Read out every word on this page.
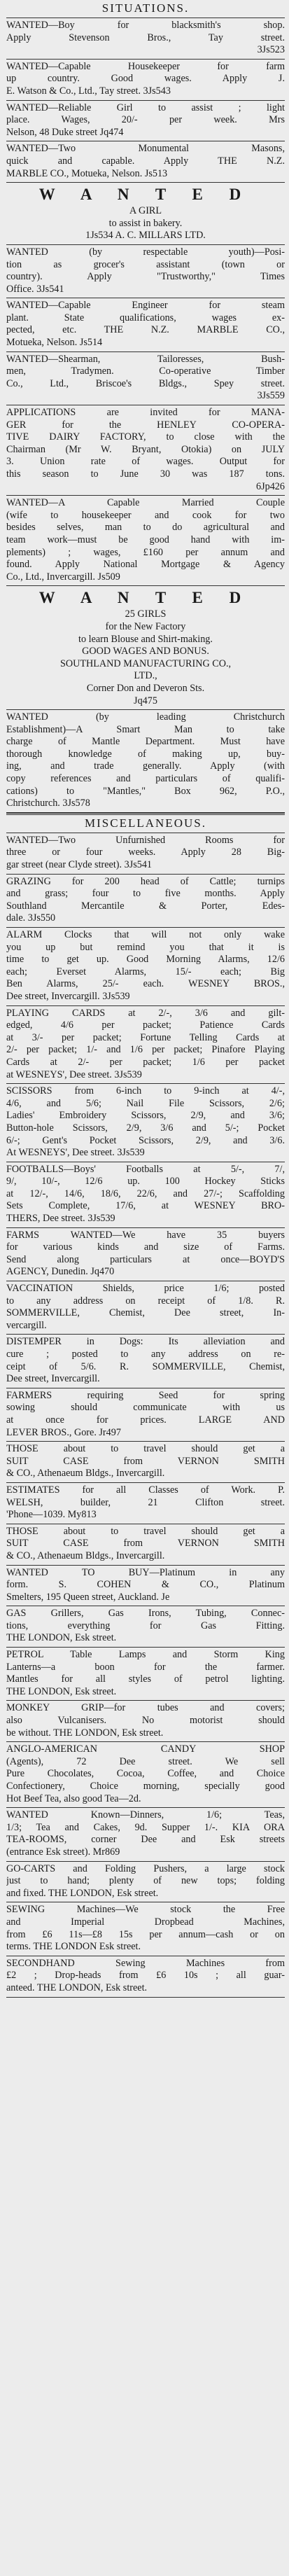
SITUATIONS.
WANTED—Boy for blacksmith's shop.
Apply Stevenson Bros., Tay street.
3Js523
WANTED—Capable Housekeeper for farm
up country. Good wages. Apply J.
E. Watson & Co., Ltd., Tay street. 3Js543
WANTED—Reliable Girl to assist ; light
place. Wages, 20/- per week. Mrs
Nelson, 48 Duke street Jq474
WANTED—Two Monumental Masons,
quick and capable. Apply THE N.Z.
MARBLE CO., Motueka, Nelson. Js513
W A N T E D
A GIRL
to assist in bakery.
1Js534 A. C. MILLARS LTD.
WANTED (by respectable youth)—Posi-
tion as grocer's assistant (town or
country). Apply "Trustworthy," Times
Office. 3Js541
WANTED—Capable Engineer for steam
plant. State qualifications, wages ex-
pected, etc. THE N.Z. MARBLE CO.,
Motueka, Nelson. Js514
WANTED—Shearman, Tailoresses, Bush-
men, Tradymen. Co-operative Timber
Co., Ltd., Briscoe's Bldgs., Spey street.
3Js559
APPLICATIONS are invited for MANA-
GER for the HENLEY CO-OPERA-
TIVE DAIRY FACTORY, to close with the
Chairman (Mr W. Bryant, Otokia) on JULY
3. Union rate of wages. Output for
this season to June 30 was 187 tons.
6Jp426
WANTED—A Capable Married Couple
(wife to housekeeper and cook for two
besides selves, man to do agricultural and
team work—must be good hand with im-
plements) ; wages, £160 per annum and
found. Apply National Mortgage & Agency
Co., Ltd., Invercargill. Js509
W A N T E D
25 GIRLS
for the New Factory
to learn Blouse and Shirt-making.
GOOD WAGES AND BONUS.
SOUTHLAND MANUFACTURING CO.,
LTD.,
Corner Don and Deveron Sts.
Jq475
WANTED (by leading Christchurch
Establishment)—A Smart Man to take
charge of Mantle Department. Must have
thorough knowledge of making up, buy-
ing, and trade generally. Apply (with
copy references and particulars of qualifi-
cations) to "Mantles," Box 962, P.O.,
Christchurch. 3Js578
MISCELLANEOUS.
WANTED—Two Unfurnished Rooms for
three or four weeks. Apply 28 Big-
gar street (near Clyde street). 3Js541
GRAZING for 200 head of Cattle; turnips
and grass; four to five months. Apply
Southland Mercantile & Porter, Edes-
dale. 3Js550
ALARM Clocks that will not only wake
you up but remind you that it is
time to get up. Good Morning Alarms, 12/6
each; Everset Alarms, 15/- each; Big
Ben Alarms, 25/- each. WESNEY BROS.,
Dee street, Invercargill. 3Js539
PLAYING CARDS at 2/-, 3/6 and gilt-
edged, 4/6 per packet; Patience Cards
at 3/- per packet; Fortune Telling Cards at
2/- per packet; 1/- and 1/6 per packet; Pinafore Playing
Cards at 2/- per packet; 1/6 per packet
at WESNEYS', Dee street. 3Js539
SCISSORS from 6-inch to 9-inch at 4/-,
4/6, and 5/6; Nail File Scissors, 2/6;
Ladies' Embroidery Scissors, 2/9, and 3/6;
Button-hole Scissors, 2/9, 3/6 and 5/-; Pocket
6/-; Gent's Pocket Scissors, 2/9, and 3/6.
At WESNEYS', Dee street. 3Js539
FOOTBALLS—Boys' Footballs at 5/-, 7/,
9/, 10/-, 12/6 up. 100 Hockey Sticks
at 12/-, 14/6, 18/6, 22/6, and 27/-; Scaffolding
Sets Complete, 17/6, at WESNEY BRO-
THERS, Dee street. 3Js539
FARMS WANTED—We have 35 buyers
for various kinds and size of Farms.
Send along particulars at once—BOYD'S
AGENCY, Dunedin. Jq470
VACCINATION Shields, price 1/6; posted
to any address on receipt of 1/8. R.
SOMMERVILLE, Chemist, Dee street, In-
vercargill.
DISTEMPER in Dogs: Its alleviation and
cure ; posted to any address on re-
ceipt of 5/6. R. SOMMERVILLE, Chemist,
Dee street, Invercargill.
FARMERS requiring Seed for spring
sowing should communicate with us
at once for prices. LARGE AND
LEVER BROS., Gore. Jr497
THOSE about to travel should get a
SUIT CASE from VERNON SMITH
& CO., Athenaeum Bldgs., Invercargill.
ESTIMATES for all Classes of Work. P.
WELSH, builder, 21 Clifton street.
'Phone—1039. My813
THOSE about to travel should get a
SUIT CASE from VERNON SMITH
& CO., Athenaeum Bldgs., Invercargill.
WANTED TO BUY—Platinum in any
form. S. COHEN & CO., Platinum
Smelters, 195 Queen street, Auckland. Je
GAS Grillers, Gas Irons, Tubing, Connec-
tions, everything for Gas Fitting.
THE LONDON, Esk street.
PETROL Table Lamps and Storm King
Lanterns—a boon for the farmer.
Mantles for all styles of petrol lighting.
THE LONDON, Esk street.
MONKEY GRIP—for tubes and covers;
also Vulcanisers. No motorist should
be without. THE LONDON, Esk street.
ANGLO-AMERICAN CANDY SHOP
(Agents), 72 Dee street. We sell
Pure Chocolates, Cocoa, Coffee, and Choice
Confectionery, Choice morning, specially good
Hot Beef Tea, also good Tea—2d.
WANTED Known—Dinners, 1/6; Teas,
1/3; Tea and Cakes, 9d. Supper 1/-. KIA ORA
TEA-ROOMS, corner Dee and Esk streets
(entrance Esk street). Mr869
GO-CARTS and Folding Pushers, a large stock
just to hand; plenty of new tops; folding
and fixed. THE LONDON, Esk street.
SEWING Machines—We stock the Free
and Imperial Dropbead Machines,
from £6 11s—£8 15s per annum—cash or on
terms. THE LONDON Esk street.
SECONDHAND Sewing Machines from
£2 ; Drop-heads from £6 10s ; all guar-
anteed. THE LONDON, Esk street.
